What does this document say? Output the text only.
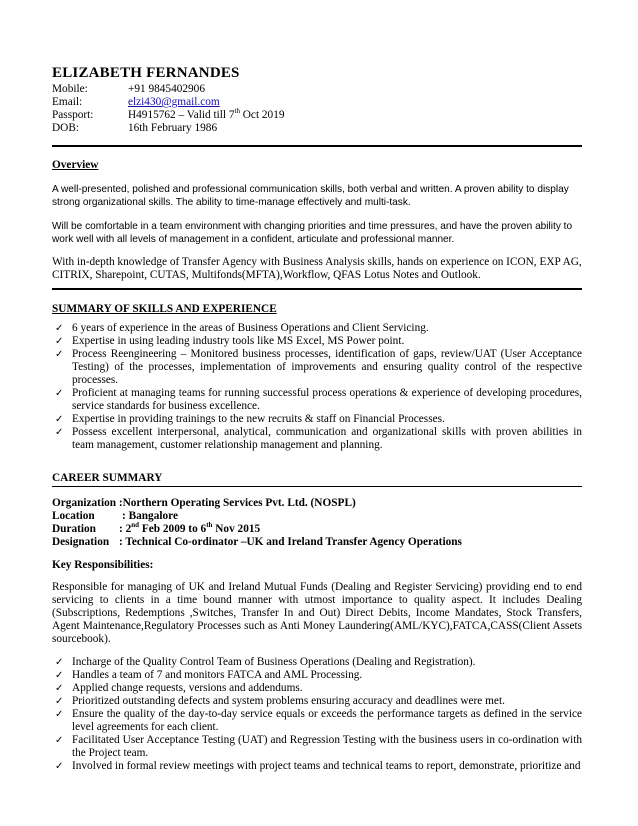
ELIZABETH FERNANDES
Mobile:	+91 9845402906
Email:	elzi430@gmail.com
Passport:	H4915762 – Valid till 7th Oct 2019
DOB:	16th February 1986
Overview

A well-presented, polished and professional communication skills, both verbal and written. A proven ability to display strong organizational skills. The ability to time-manage effectively and multi-task.

Will be comfortable in a team environment with changing priorities and time pressures, and have the proven ability to work well with all levels of management in a confident, articulate and professional manner.

With in-depth knowledge of Transfer Agency with Business Analysis skills, hands on experience on ICON, EXP AG, CITRIX, Sharepoint, CUTAS, Multifonds(MFTA),Workflow, QFAS Lotus Notes and Outlook.

SUMMARY OF SKILLS AND EXPERIENCE
✓ 6 years of experience in the areas of Business Operations and Client Servicing.
✓ Expertise in using leading industry tools like MS Excel, MS Power point.
✓ Process Reengineering – Monitored business processes, identification of gaps, review/UAT (User Acceptance Testing) of the processes, implementation of improvements and ensuring quality control of the respective processes.
✓ Proficient at managing teams for running successful process operations & experience of developing procedures, service standards for business excellence.
✓ Expertise in providing trainings to the new recruits & staff on Financial Processes.
✓ Possess excellent interpersonal, analytical, communication and organizational skills with proven abilities in team management, customer relationship management and planning.
CAREER SUMMARY
Organization : Northern Operating Services Pvt. Ltd. (NOSPL)
Location	: Bangalore
Duration	: 2nd Feb 2009 to 6th Nov 2015
Designation : Technical Co-ordinator –UK and Ireland Transfer Agency Operations
Key Responsibilities:

Responsible for managing of UK and Ireland Mutual Funds (Dealing and Register Servicing) providing end to end servicing to clients in a time bound manner with utmost importance to quality aspect. It includes Dealing (Subscriptions, Redemptions ,Switches, Transfer In and Out) Direct Debits, Income Mandates, Stock Transfers, Agent Maintenance,Regulatory Processes such as Anti Money Laundering(AML/KYC),FATCA,CASS(Client Assets sourcebook).

✓ Incharge of the Quality Control Team of Business Operations (Dealing and Registration).
✓ Handles a team of 7 and monitors FATCA and AML Processing.
✓ Applied change requests, versions and addendums.
✓ Prioritized outstanding defects and system problems ensuring accuracy and deadlines were met.
✓ Ensure the quality of the day-to-day service equals or exceeds the performance targets as defined in the service level agreements for each client.
✓ Facilitated User Acceptance Testing (UAT) and Regression Testing with the business users in co-ordination with the Project team.
✓ Involved in formal review meetings with project teams and technical teams to report, demonstrate, prioritize and
